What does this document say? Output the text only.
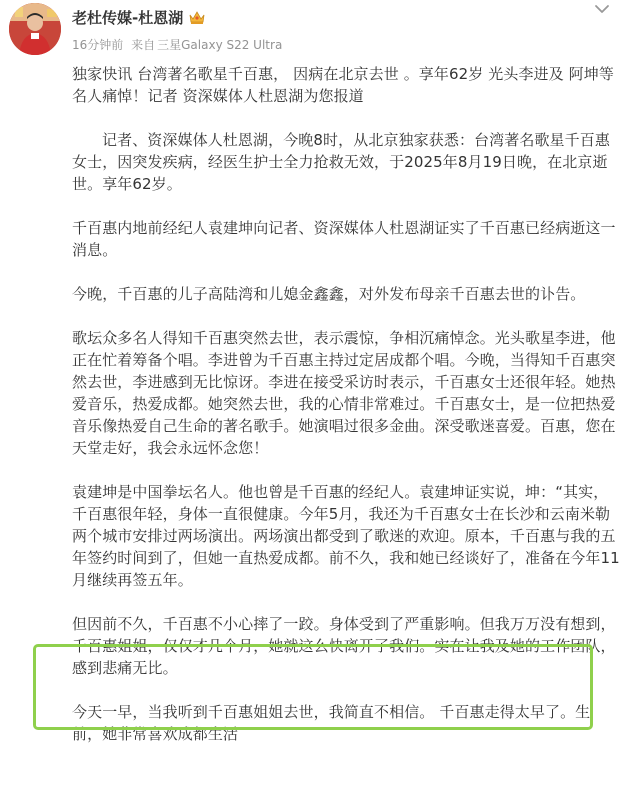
老杜传媒-杜恩湖
16分钟前 来自 三星Galaxy S22 Ultra

独家快讯 台湾著名歌星千百惠， 因病在北京去世 。享年62岁 光头李进及 阿坤等名人痛悼！记者 资深媒体人杜恩湖为您报道

记者、资深媒体人杜恩湖，今晚8时，从北京独家获悉：台湾著名歌星千百惠女士，因突发疾病，经医生护士全力抢救无效，于2025年8月19日晚，在北京逝世。享年62岁。

千百惠内地前经纪人袁建坤向记者、资深媒体人杜恩湖证实了千百惠已经病逝这一消息。

今晚，千百惠的儿子高陆湾和儿媳金鑫鑫，对外发布母亲千百惠去世的讣告。

歌坛众多名人得知千百惠突然去世，表示震惊，争相沉痛悼念。光头歌星李进，他正在忙着筹备个唱。李进曾为千百惠主持过定居成都个唱。今晚，当得知千百惠突然去世，李进感到无比惊讶。李进在接受采访时表示，千百惠女士还很年轻。她热爱音乐，热爱成都。她突然去世，我的心情非常难过。千百惠女士，是一位把热爱音乐像热爱自己生命的著名歌手。她演唱过很多金曲。深受歌迷喜爱。百惠，您在天堂走好，我会永远怀念您！

袁建坤是中国拳坛名人。他也曾是千百惠的经纪人。袁建坤证实说，坤：“其实，千百惠很年轻，身体一直很健康。今年5月，我还为千百惠女士在长沙和云南米勒两个城市安排过两场演出。两场演出都受到了歌迷的欢迎。原本，千百惠与我的五年签约时间到了，但她一直热爱成都。前不久，我和她已经谈好了，准备在今年11月继续再签五年。

但因前不久，千百惠不小心摔了一跤。身体受到了严重影响。但我万万没有想到，千百惠姐姐，仅仅才几个月，她就这么快离开了我们。实在让我及她的工作团队，感到悲痛无比。

今天一早，当我听到千百惠姐姐去世，我简直不相信。 千百惠走得太早了。生前，她非常喜欢成都生活
